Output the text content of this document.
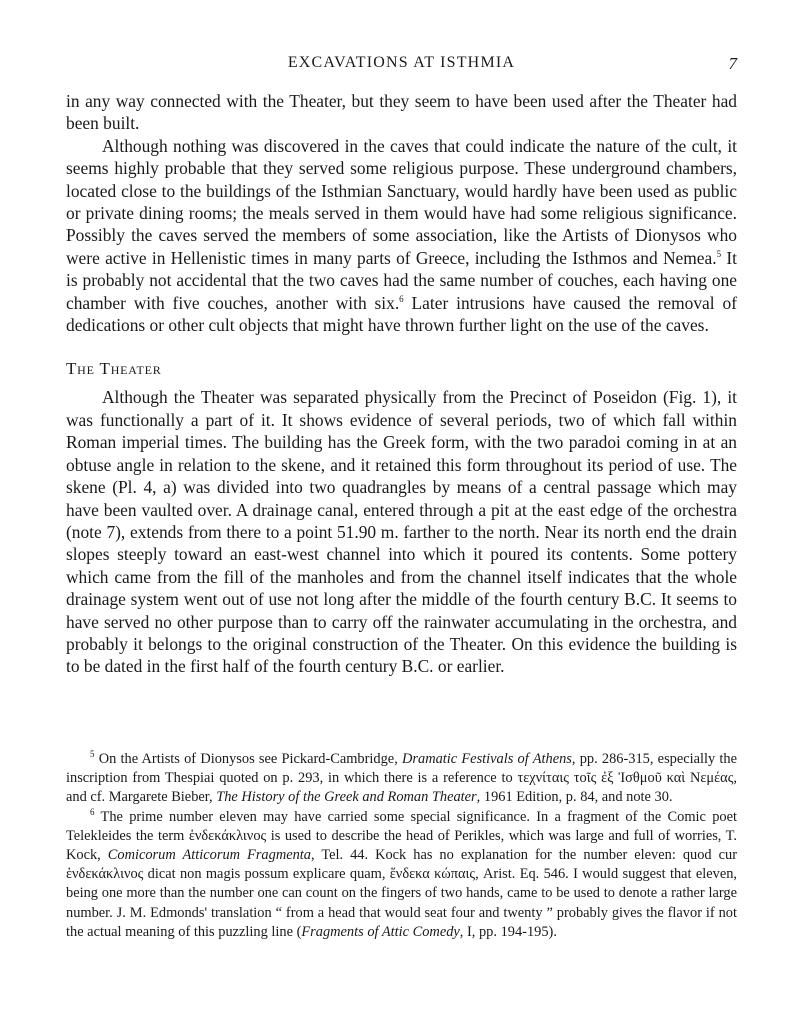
EXCAVATIONS AT ISTHMIA	7

in any way connected with the Theater, but they seem to have been used after the Theater had been built.

Although nothing was discovered in the caves that could indicate the nature of the cult, it seems highly probable that they served some religious purpose. These underground chambers, located close to the buildings of the Isthmian Sanctuary, would hardly have been used as public or private dining rooms; the meals served in them would have had some religious significance. Possibly the caves served the members of some association, like the Artists of Dionysos who were active in Hellenistic times in many parts of Greece, including the Isthmos and Nemea.$^5$ It is probably not accidental that the two caves had the same number of couches, each having one chamber with five couches, another with six.$^6$ Later intrusions have caused the removal of dedications or other cult objects that might have thrown further light on the use of the caves.

The Theater

Although the Theater was separated physically from the Precinct of Poseidon (Fig. 1), it was functionally a part of it. It shows evidence of several periods, two of which fall within Roman imperial times. The building has the Greek form, with the two paradoi coming in at an obtuse angle in relation to the skene, and it retained this form throughout its period of use. The skene (Pl. 4, a) was divided into two quadrangles by means of a central passage which may have been vaulted over. A drainage canal, entered through a pit at the east edge of the orchestra (note 7), extends from there to a point 51.90 m. farther to the north. Near its north end the drain slopes steeply toward an east-west channel into which it poured its contents. Some pottery which came from the fill of the manholes and from the channel itself indicates that the whole drainage system went out of use not long after the middle of the fourth century B.C. It seems to have served no other purpose than to carry off the rainwater accumulating in the orchestra, and probably it belongs to the original construction of the Theater. On this evidence the building is to be dated in the first half of the fourth century B.C. or earlier.

$^5$ On the Artists of Dionysos see Pickard-Cambridge, Dramatic Festivals of Athens, pp. 286-315, especially the inscription from Thespiai quoted on p. 293, in which there is a reference to τεχνίταις τοῖς ἐξ Ἰσθμοῦ καὶ Νεμέας, and cf. Margarete Bieber, The History of the Greek and Roman Theater, 1961 Edition, p. 84, and note 30.

$^6$ The prime number eleven may have carried some special significance. In a fragment of the Comic poet Telekleides the term ἑνδεκάκλινος is used to describe the head of Perikles, which was large and full of worries, T. Kock, Comicorum Atticorum Fragmenta, Tel. 44. Kock has no explanation for the number eleven: quod cur ἑνδεκάκλινος dicat non magis possum explicare quam, ἕνδεκα κώπαις, Arist. Eq. 546. I would suggest that eleven, being one more than the number one can count on the fingers of two hands, came to be used to denote a rather large number. J. M. Edmonds' translation “ from a head that would seat four and twenty ” probably gives the flavor if not the actual meaning of this puzzling line (Fragments of Attic Comedy, I, pp. 194-195).
